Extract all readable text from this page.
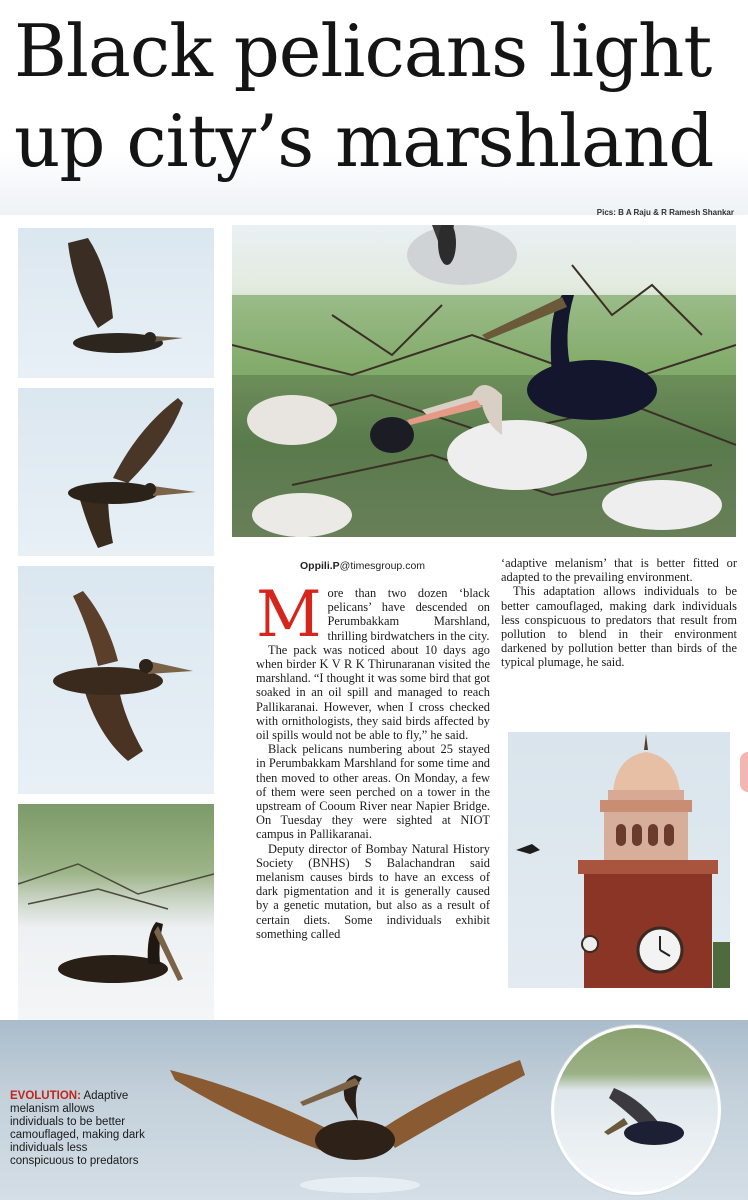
Black pelicans light
up city’s marshland
Pics: B A Raju & R Ramesh Shankar
Oppili.P@timesgroup.com

More than two dozen ‘black pelicans’ have descended on Perumbakkam Marshland, thrilling birdwatchers in the city.

The pack was noticed about 10 days ago when birder K V R K Thirunaranan visited the marshland. “I thought it was some bird that got soaked in an oil spill and managed to reach Pallikaranai. However, when I cross checked with ornithologists, they said birds affected by oil spills would not be able to fly,” he said.

Black pelicans numbering about 25 stayed in Perumbakkam Marshland for some time and then moved to other areas. On Monday, a few of them were seen perched on a tower in the upstream of Cooum River near Napier Bridge. On Tuesday they were sighted at NIOT campus in Pallikaranai.

Deputy director of Bombay Natural History Society (BNHS) S Balachandran said melanism causes birds to have an excess of dark pigmentation and it is generally caused by a genetic mutation, but also as a result of certain diets. Some individuals exhibit something called

‘adaptive melanism’ that is better fitted or adapted to the prevailing environment.

This adaptation allows individuals to be better camouflaged, making dark individuals less conspicuous to predators that result from pollution to blend in their environment darkened by pollution better than birds of the typical plumage, he said.

EVOLUTION: Adaptive melanism allows individuals to be better camouflaged, making dark individuals less conspicuous to predators
